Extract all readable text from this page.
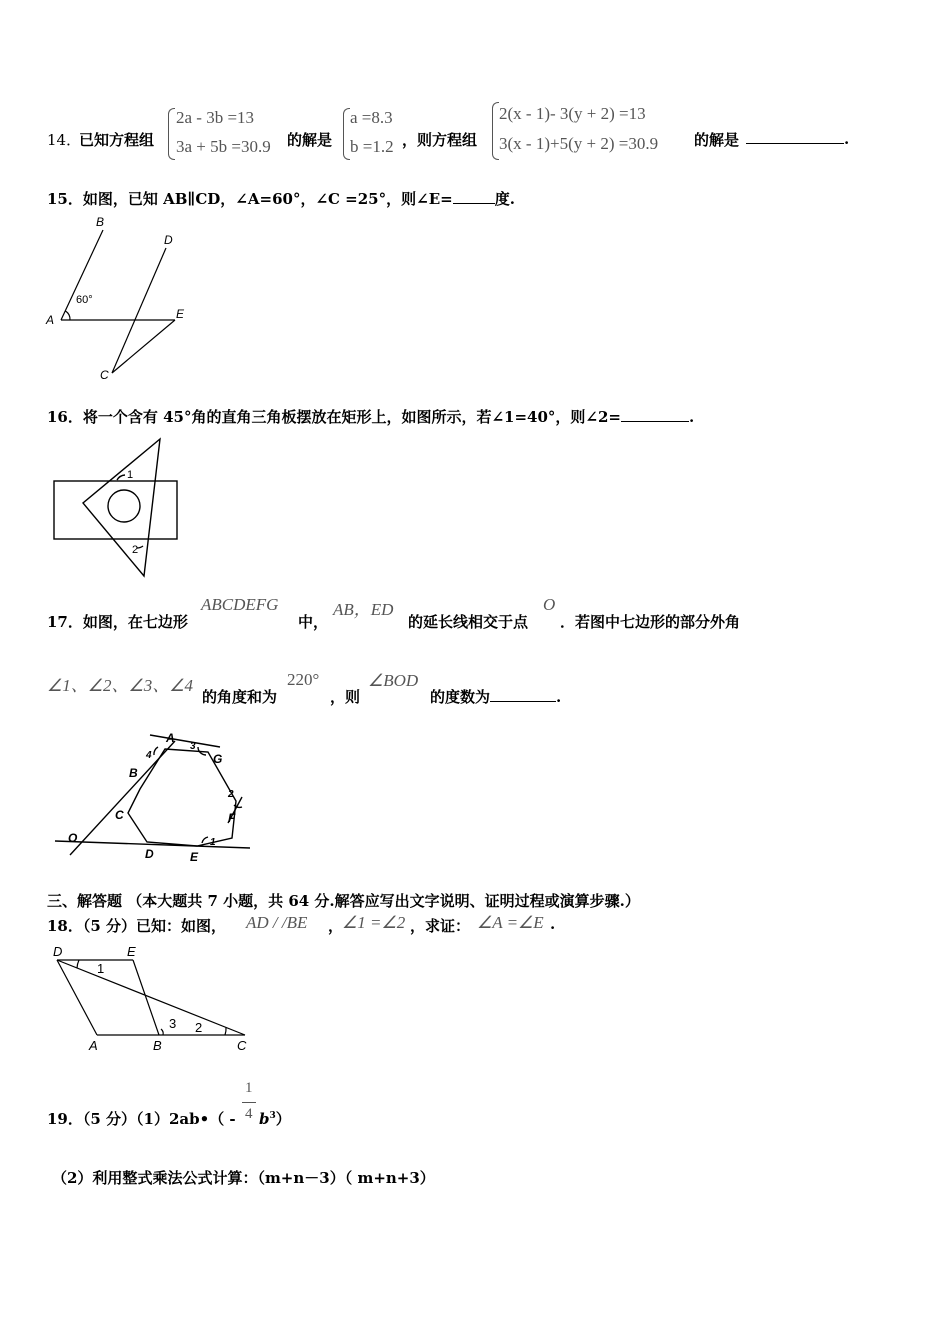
14．
已知方程组
2a - 3b =13
3a + 5b =30.9 的解是
a =8.3
b =1.2 ，则方程组
2(x - 1)- 3(y + 2) =13
3(x - 1)+5(y + 2) =30.9 的解是	.
15．如图，已知 AB∥CD，∠A=60°，∠C =25°，则∠E=	度.
B
D
A	E
C
60°
16．将一个含有 45°角的直角三角板摆放在矩形上，如图所示，若∠1=40°，则∠2=	.
1
2
17．如图，在七边形
ABCDEFG
中，
AB，ED
的延长线相交于点
O
．若图中七边形的部分外角
∠1、∠2、∠3、∠4
的角度和为
220°
，则
∠BOD
的度数为	.
A
G
B
C
D	E
F
O	1
2
3
4
三、解答题 （本大题共 7 小题，共 64 分.解答应写出文字说明、证明过程或演算步骤.）
18．（5 分）已知：如图， AD / /BE ，
∠1 =∠2 ，求证： ∠A =∠E .
D	E
A	B	C
1
2
3
19．（5 分）（1）2ab•（ -
1
4 $b^3$）
（2）利用整式乘法公式计算：（m+n－3）（ m+n+3）
